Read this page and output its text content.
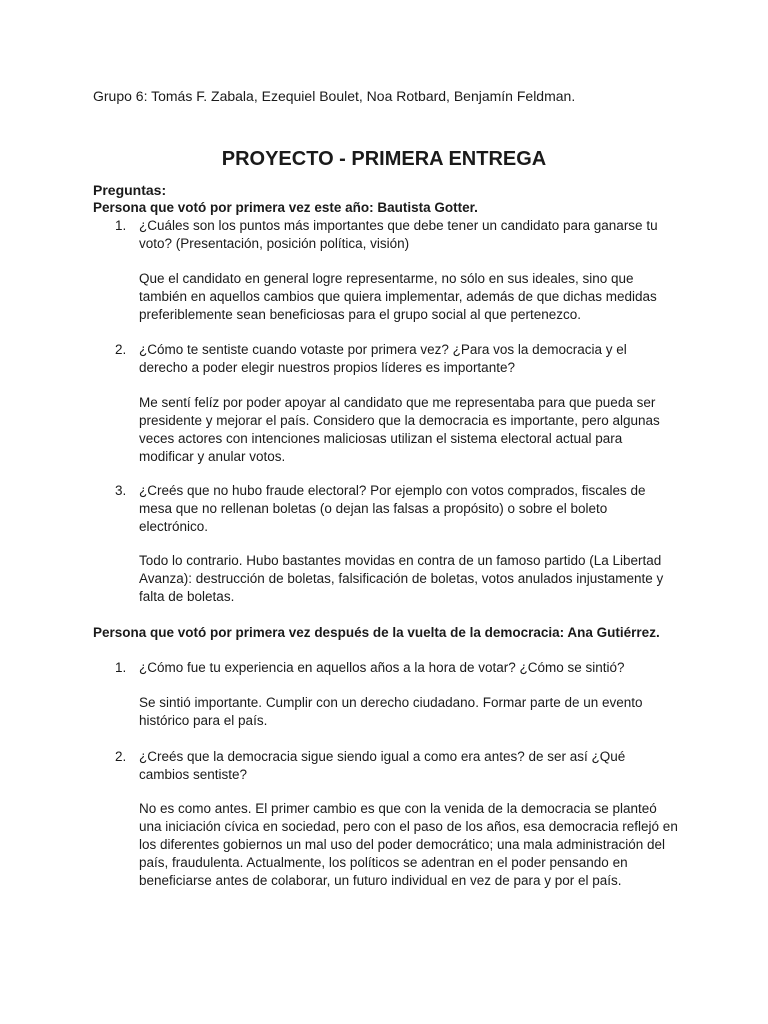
Grupo 6: Tomás F. Zabala, Ezequiel Boulet, Noa Rotbard, Benjamín Feldman.
PROYECTO - PRIMERA ENTREGA
Preguntas:
Persona que votó por primera vez este año: Bautista Gotter.
1. ¿Cuáles son los puntos más importantes que debe tener un candidato para ganarse tu voto? (Presentación, posición política, visión)
Que el candidato en general logre representarme, no sólo en sus ideales, sino que también en aquellos cambios que quiera implementar, además de que dichas medidas preferiblemente sean beneficiosas para el grupo social al que pertenezco.
2. ¿Cómo te sentiste cuando votaste por primera vez? ¿Para vos la democracia y el derecho a poder elegir nuestros propios líderes es importante?
Me sentí felíz por poder apoyar al candidato que me representaba para que pueda ser presidente y mejorar el país. Considero que la democracia es importante, pero algunas veces actores con intenciones maliciosas utilizan el sistema electoral actual para modificar y anular votos.
3. ¿Creés que no hubo fraude electoral? Por ejemplo con votos comprados, fiscales de mesa que no rellenan boletas (o dejan las falsas a propósito) o sobre el boleto electrónico.
Todo lo contrario. Hubo bastantes movidas en contra de un famoso partido (La Libertad Avanza): destrucción de boletas, falsificación de boletas, votos anulados injustamente y falta de boletas.
Persona que votó por primera vez después de la vuelta de la democracia: Ana Gutiérrez.
1. ¿Cómo fue tu experiencia en aquellos años a la hora de votar? ¿Cómo se sintió?
Se sintió importante. Cumplir con un derecho ciudadano. Formar parte de un evento histórico para el país.
2. ¿Creés que la democracia sigue siendo igual a como era antes? de ser así ¿Qué cambios sentiste?
No es como antes. El primer cambio es que con la venida de la democracia se planteó una iniciación cívica en sociedad, pero con el paso de los años, esa democracia reflejó en los diferentes gobiernos un mal uso del poder democrático; una mala administración del país, fraudulenta. Actualmente, los políticos se adentran en el poder pensando en beneficiarse antes de colaborar, un futuro individual en vez de para y por el país.
